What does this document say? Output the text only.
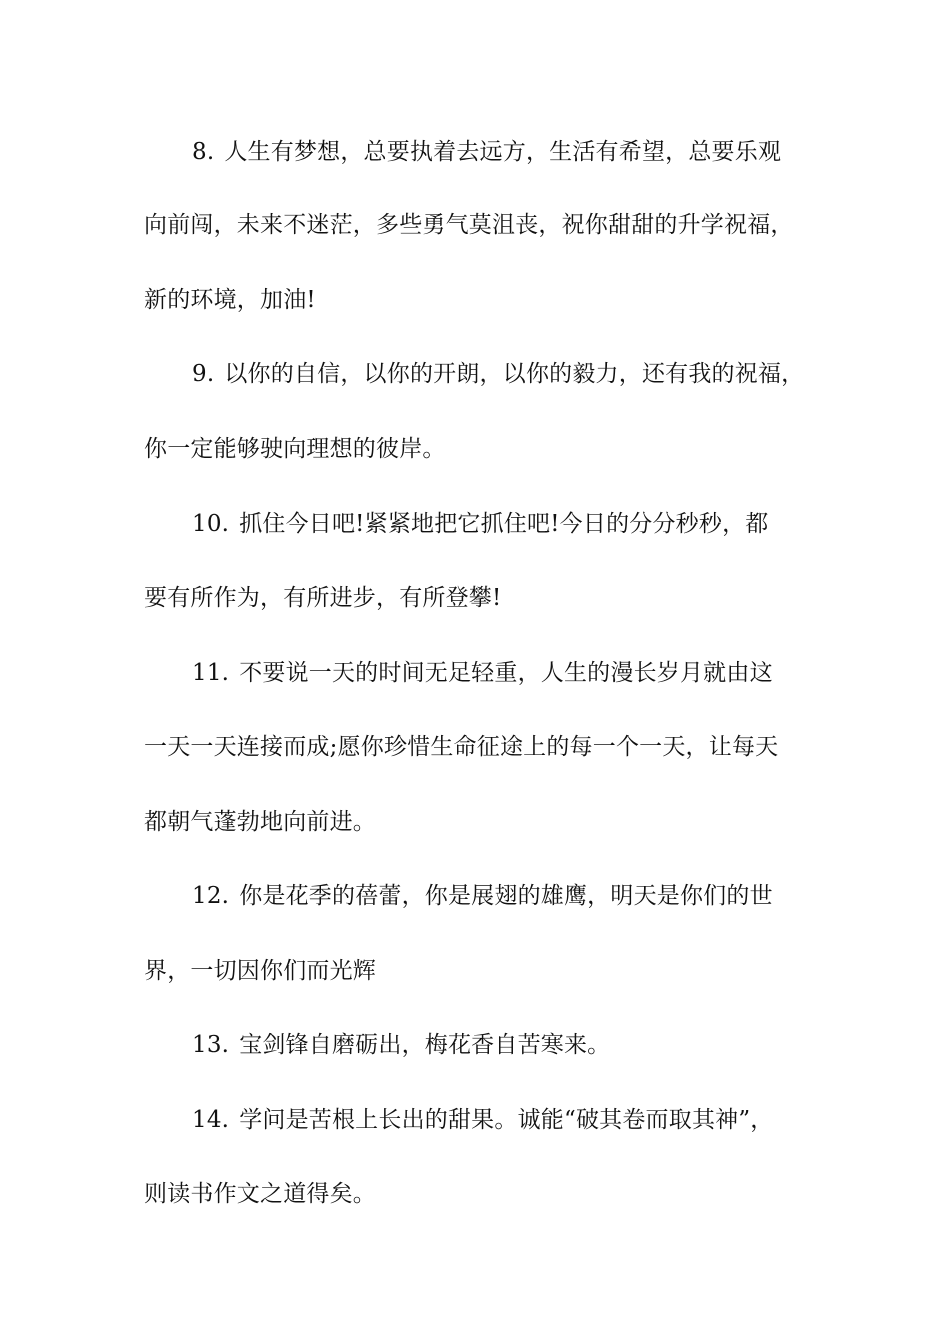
8. 人生有梦想，总要执着去远方，生活有希望，总要乐观
向前闯，未来不迷茫，多些勇气莫沮丧，祝你甜甜的升学祝福，
新的环境，加油!
9. 以你的自信，以你的开朗，以你的毅力，还有我的祝福，
你一定能够驶向理想的彼岸。
10. 抓住今日吧!紧紧地把它抓住吧!今日的分分秒秒，都
要有所作为，有所进步，有所登攀!
11. 不要说一天的时间无足轻重，人生的漫长岁月就由这
一天一天连接而成;愿你珍惜生命征途上的每一个一天，让每天
都朝气蓬勃地向前进。
12. 你是花季的蓓蕾，你是展翅的雄鹰，明天是你们的世
界，一切因你们而光辉
13. 宝剑锋自磨砺出，梅花香自苦寒来。
14. 学问是苦根上长出的甜果。诚能“破其卷而取其神”，
则读书作文之道得矣。
